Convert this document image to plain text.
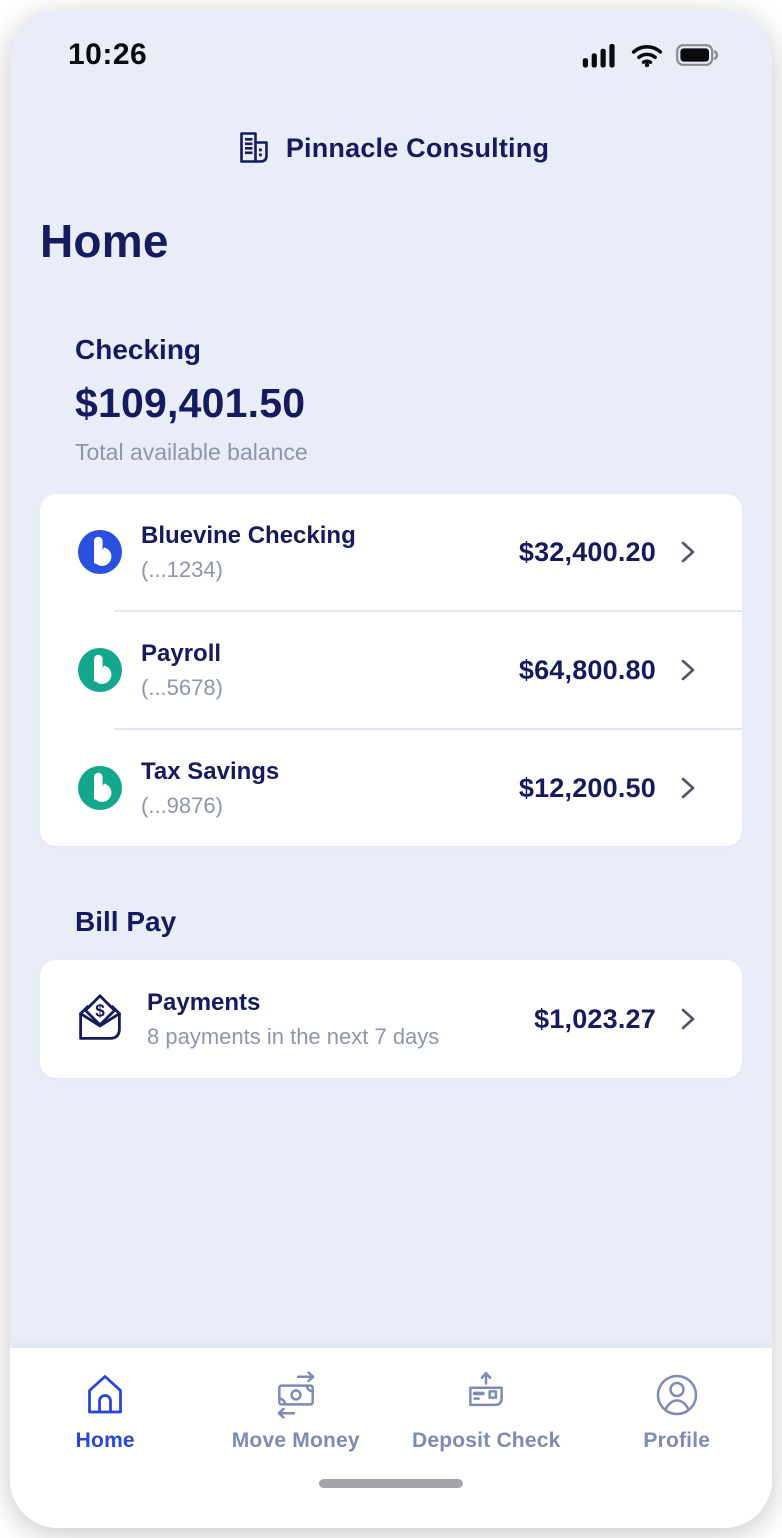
10:26
Pinnacle Consulting
Home
Checking
$109,401.50
Total available balance
Bluevine Checking
(...1234)
$32,400.20
Payroll
(...5678)
$64,800.80
Tax Savings
(...9876)
$12,200.50
Bill Pay
$ Payments
8 payments in the next 7 days
$1,023.27
Home	Move Money Deposit Check	Profile
